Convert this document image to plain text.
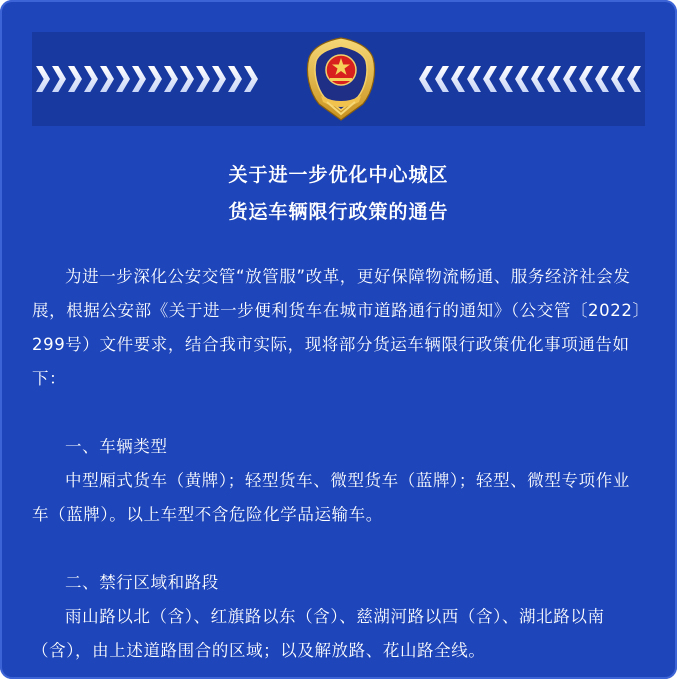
关于进一步优化中心城区
货运车辆限行政策的通告

为进一步深化公安交管“放管服”改革，更好保障物流畅通、服务经济社会发展，根据公安部《关于进一步便利货车在城市道路通行的通知》（公交管〔2022〕299号）文件要求，结合我市实际，现将部分货运车辆限行政策优化事项通告如下：

一、车辆类型

中型厢式货车（黄牌）；轻型货车、微型货车（蓝牌）；轻型、微型专项作业车（蓝牌）。以上车型不含危险化学品运输车。

二、禁行区域和路段

雨山路以北（含）、红旗路以东（含）、慈湖河路以西（含）、湖北路以南（含），由上述道路围合的区域；以及解放路、花山路全线。
